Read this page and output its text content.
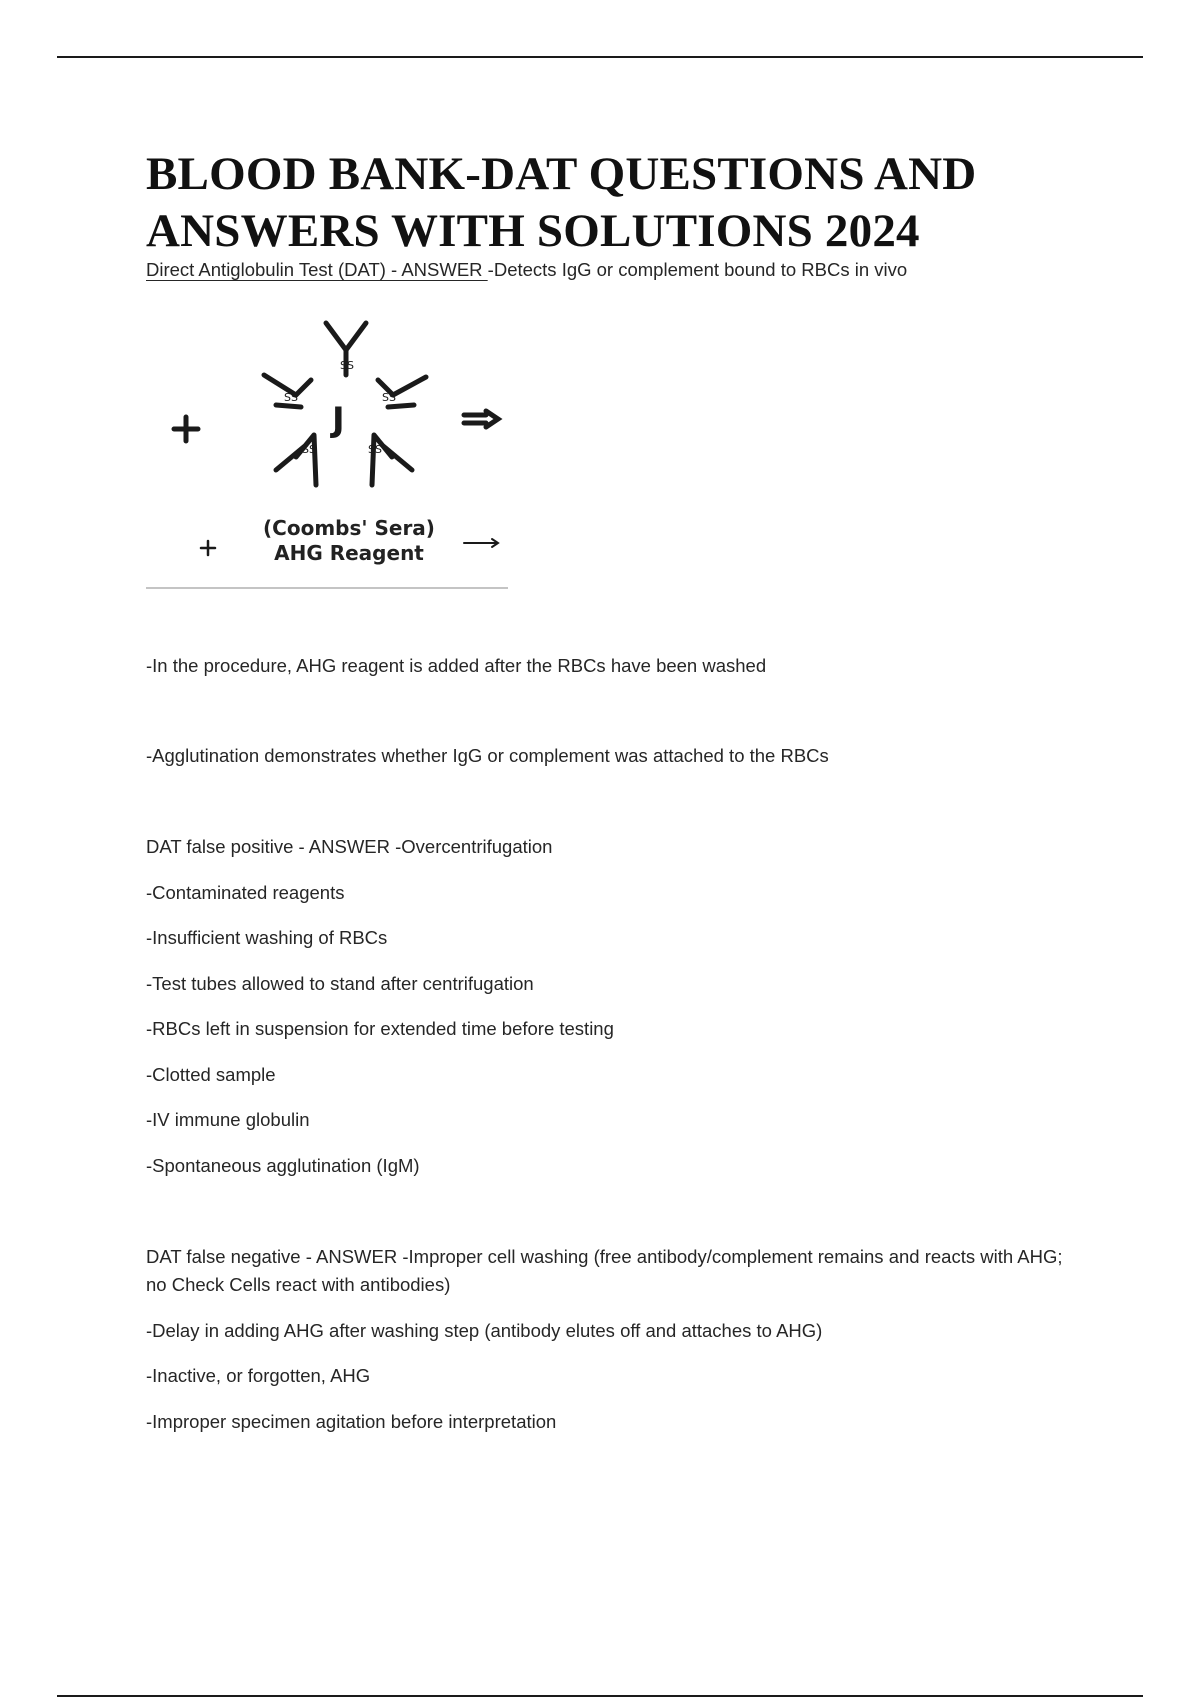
BLOOD BANK-DAT QUESTIONS AND ANSWERS WITH SOLUTIONS 2024
Direct Antiglobulin Test (DAT) - ANSWER -Detects IgG or complement bound to RBCs in vivo
SS
SS	SS
SS	SS
J
(Coombs' Sera)
AHG Reagent
-In the procedure, AHG reagent is added after the RBCs have been washed
-Agglutination demonstrates whether IgG or complement was attached to the RBCs
DAT false positive - ANSWER -Overcentrifugation
-Contaminated reagents
-Insufficient washing of RBCs
-Test tubes allowed to stand after centrifugation
-RBCs left in suspension for extended time before testing
-Clotted sample
-IV immune globulin
-Spontaneous agglutination (IgM)
DAT false negative - ANSWER -Improper cell washing (free antibody/complement remains and reacts with AHG; no Check Cells react with antibodies)
-Delay in adding AHG after washing step (antibody elutes off and attaches to AHG)
-Inactive, or forgotten, AHG
-Improper specimen agitation before interpretation
